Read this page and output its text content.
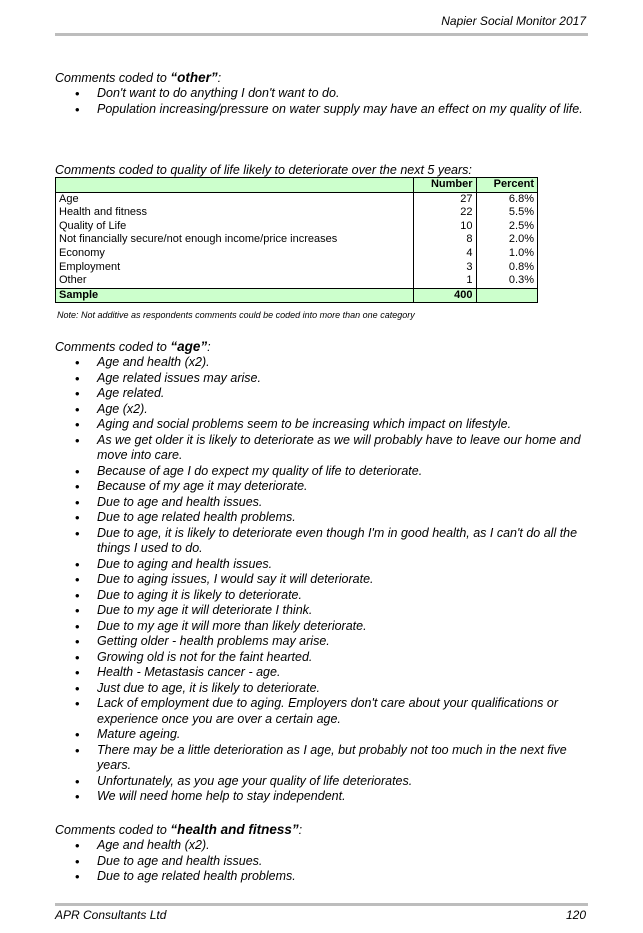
Napier Social Monitor 2017
Comments coded to “other”:
• Don't want to do anything I don't want to do.
• Population increasing/pressure on water supply may have an effect on my quality of life.
Comments coded to quality of life likely to deteriorate over the next 5 years:
	Number	Percent
Age	27	6.8%
Health and fitness	22	5.5%
Quality of Life	10	2.5%
Not financially secure/not enough income/price increases	8	2.0%
Economy	4	1.0%
Employment	3	0.8%
Other	1	0.3%
Sample	400	
Note: Not additive as respondents comments could be coded into more than one category
Comments coded to “age”:
• Age and health (x2).
• Age related issues may arise.
• Age related.
• Age (x2).
• Aging and social problems seem to be increasing which impact on lifestyle.
• As we get older it is likely to deteriorate as we will probably have to leave our home and move into care.
• Because of age I do expect my quality of life to deteriorate.
• Because of my age it may deteriorate.
• Due to age and health issues.
• Due to age related health problems.
• Due to age, it is likely to deteriorate even though I'm in good health, as I can't do all the things I used to do.
• Due to aging and health issues.
• Due to aging issues, I would say it will deteriorate.
• Due to aging it is likely to deteriorate.
• Due to my age it will deteriorate I think.
• Due to my age it will more than likely deteriorate.
• Getting older - health problems may arise.
• Growing old is not for the faint hearted.
• Health - Metastasis cancer - age.
• Just due to age, it is likely to deteriorate.
• Lack of employment due to aging. Employers don't care about your qualifications or experience once you are over a certain age.
• Mature ageing.
• There may be a little deterioration as I age, but probably not too much in the next five years.
• Unfortunately, as you age your quality of life deteriorates.
• We will need home help to stay independent.
Comments coded to “health and fitness”:
• Age and health (x2).
• Due to age and health issues.
• Due to age related health problems.
APR Consultants Ltd	120
